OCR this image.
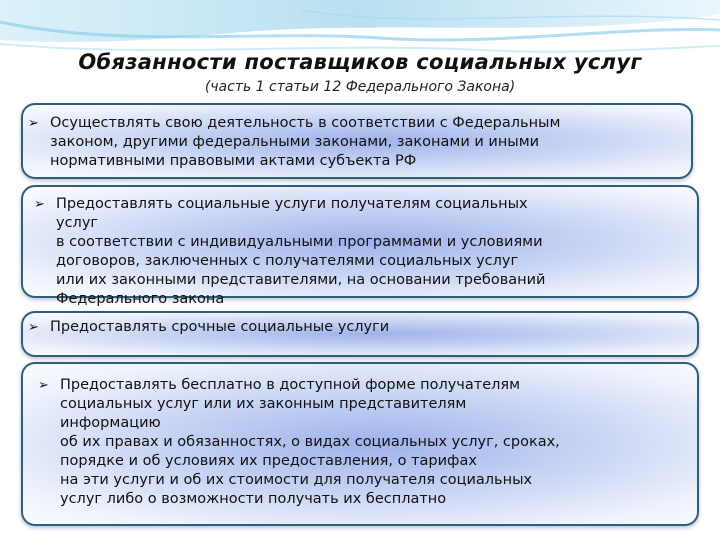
Обязанности поставщиков социальных услуг
(часть 1 статьи 12 Федерального Закона)
➢ Осуществлять свою деятельность в соответствии с Федеральным
законом, другими федеральными законами, законами и иными
нормативными правовыми актами субъекта РФ
➢ Предоставлять социальные услуги получателям социальных
услуг
в соответствии с индивидуальными программами и условиями
договоров, заключенных с получателями социальных услуг
или их законными представителями, на основании требований
Федерального закона
➢ Предоставлять срочные социальные услуги
➢ Предоставлять бесплатно в доступной форме получателям
социальных услуг или их законным представителям
информацию
об их правах и обязанностях, о видах социальных услуг, сроках,
порядке и об условиях их предоставления, о тарифах
на эти услуги и об их стоимости для получателя социальных
услуг либо о возможности получать их бесплатно
